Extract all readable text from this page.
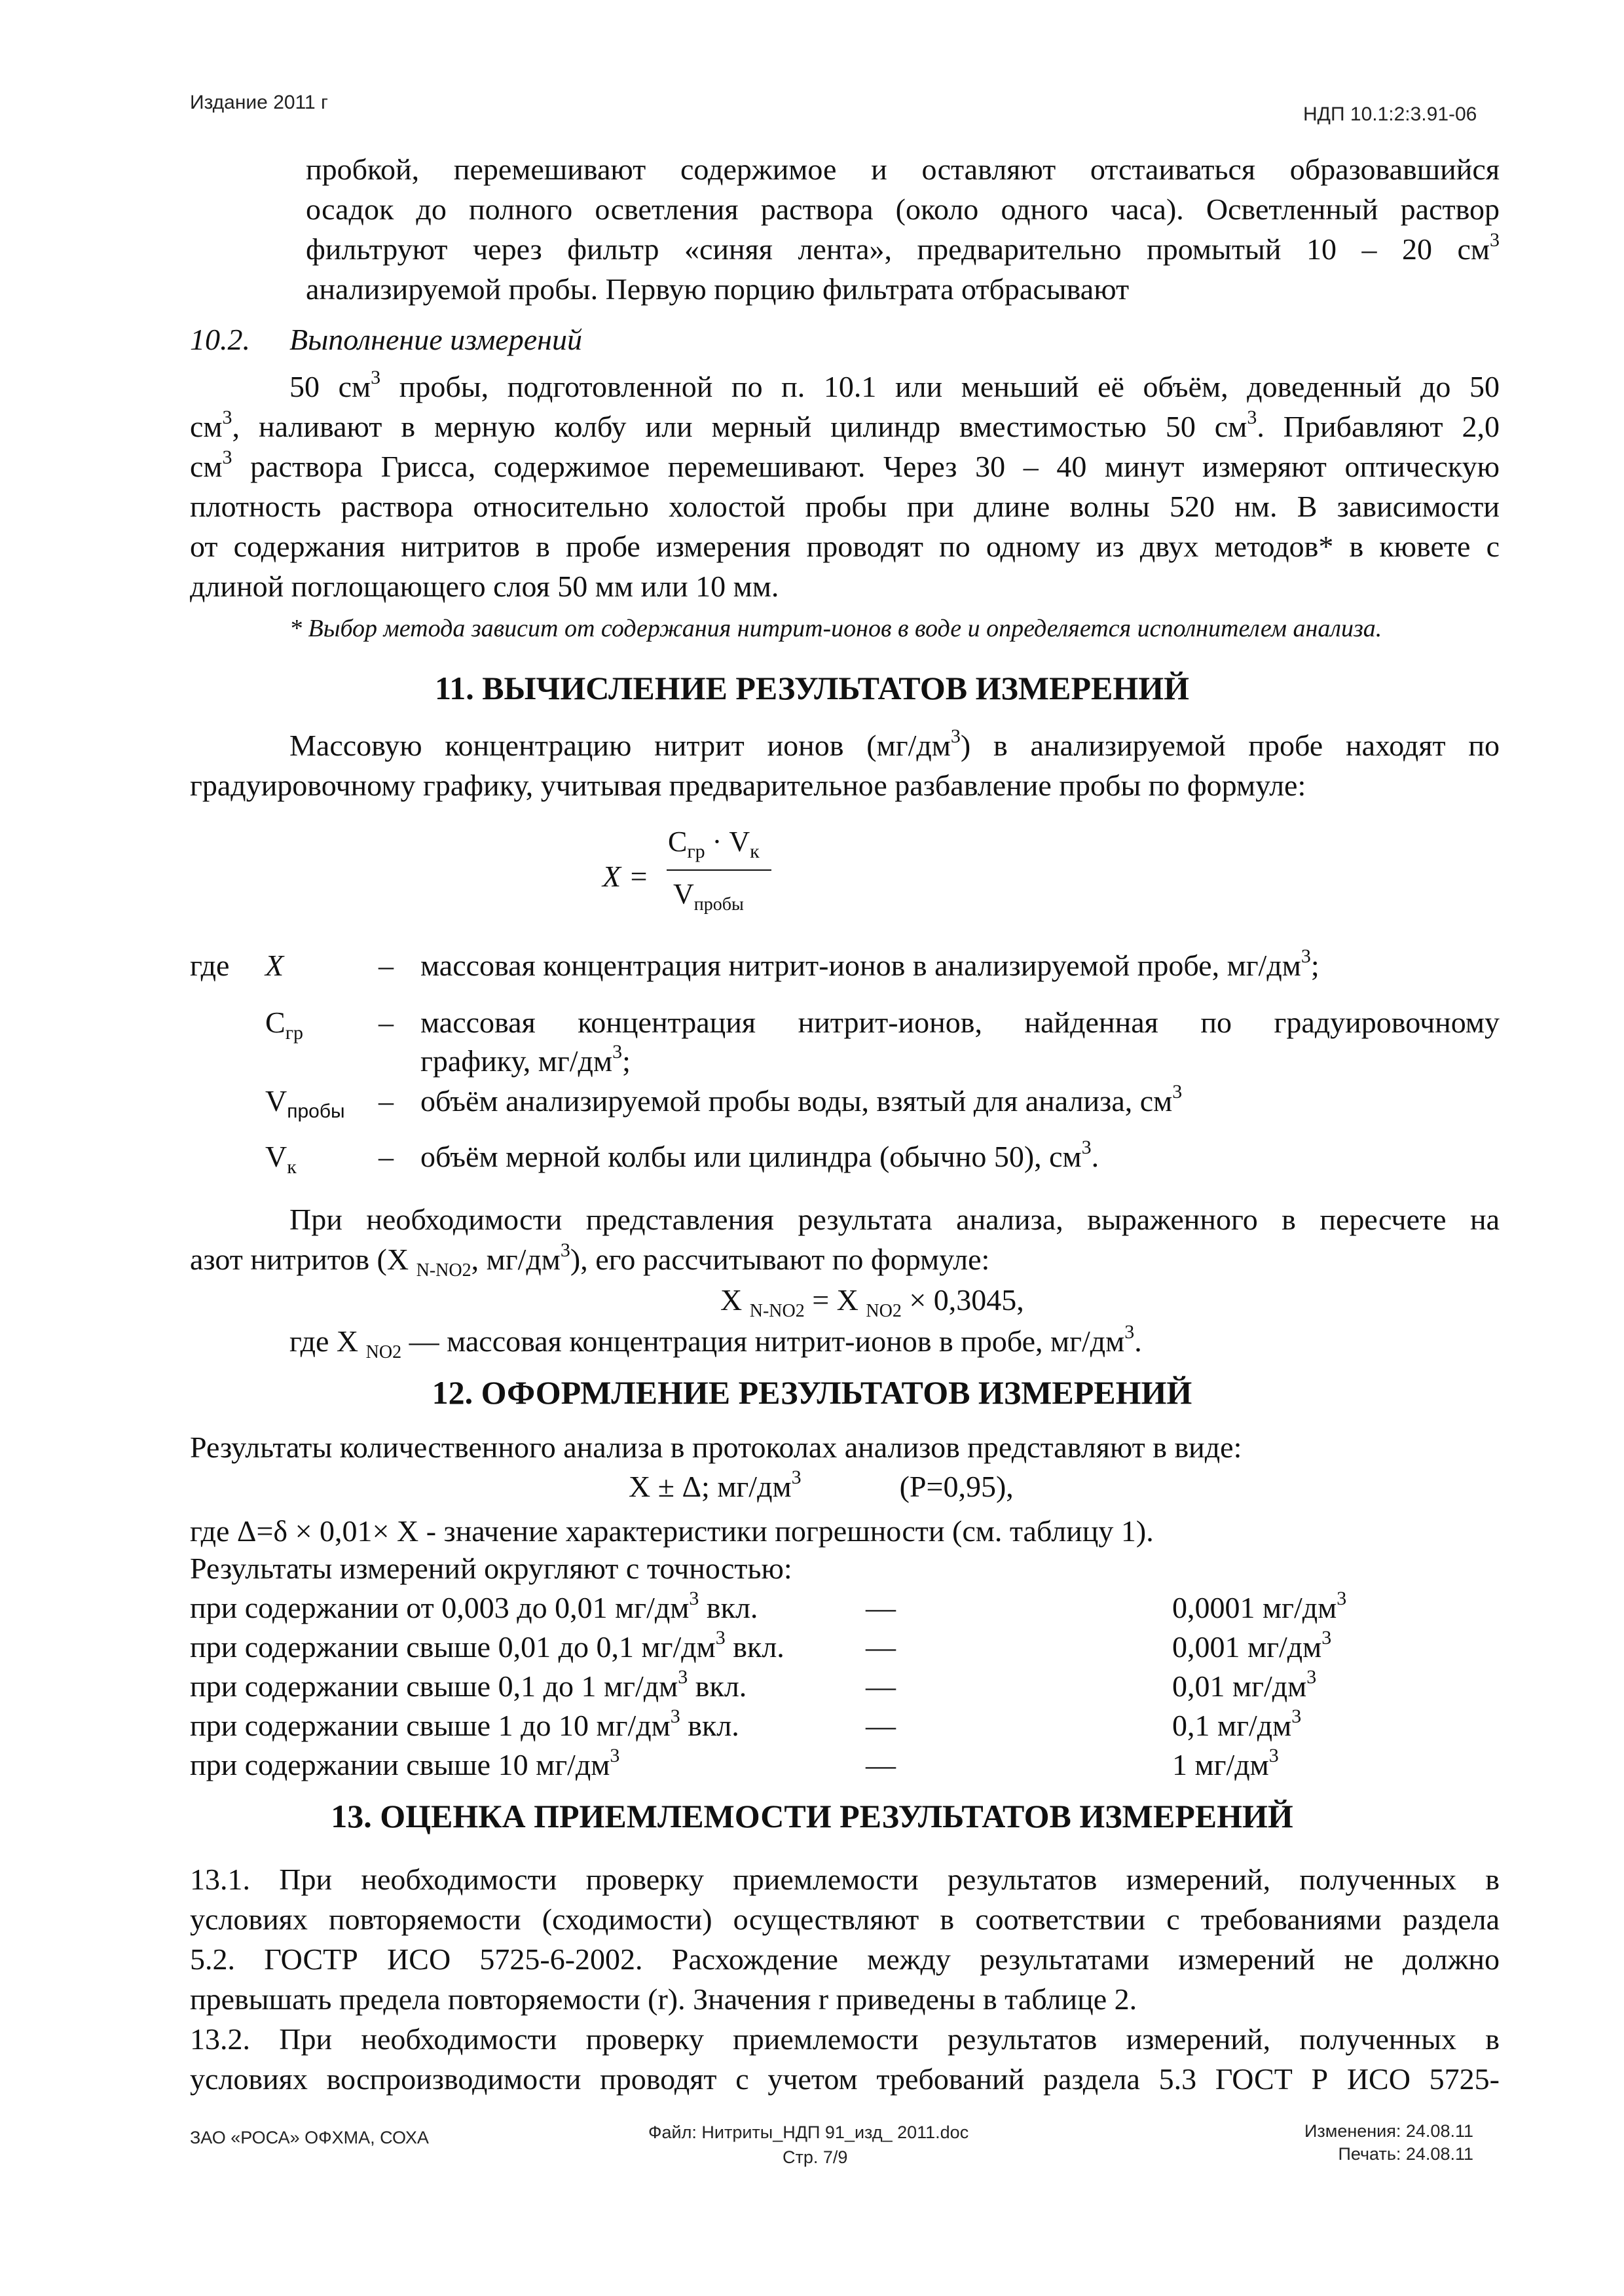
Издание 2011 г
НДП 10.1:2:3.91-06
пробкой, перемешивают содержимое и оставляют отстаиваться образовавшийся
осадок до полного осветления раствора (около одного часа). Осветленный раствор
фильтруют через фильтр «синяя лента», предварительно промытый 10 – 20 $см^3$
анализируемой пробы. Первую порцию фильтрата отбрасывают
10.2. Выполнение измерений
50 $см^3$ пробы, подготовленной по п. 10.1 или меньший её объём, доведенный до 50
$см^3$, наливают в мерную колбу или мерный цилиндр вместимостью 50 $см^3$. Прибавляют 2,0
$см^3$ раствора Грисса, содержимое перемешивают. Через 30 – 40 минут измеряют оптическую
плотность раствора относительно холостой пробы при длине волны 520 нм. В зависимости
от содержания нитритов в пробе измерения проводят по одному из двух методов* в кювете с
длиной поглощающего слоя 50 мм или 10 мм.
* Выбор метода зависит от содержания нитрит-ионов в воде и определяется исполнителем анализа.
11. ВЫЧИСЛЕНИЕ РЕЗУЛЬТАТОВ ИЗМЕРЕНИЙ
Массовую концентрацию нитрит ионов $(мг/дм^3)$ в анализируемой пробе находят по
градуировочному графику, учитывая предварительное разбавление пробы по формуле:
X =
$C_{гр} \cdot V_к$
$V_{пробы}$
где X	– массовая концентрация нитрит-ионов в анализируемой пробе, $мг/дм^3$;
$C_{гр}$	– массовая концентрация нитрит-ионов, найденная по градуировочному
графику, $мг/дм^3$;
$V_{пробы}$ – объём анализируемой пробы воды, взятый для анализа, $см^3$
$V_к$	– объём мерной колбы или цилиндра (обычно 50), $см^3$.
При необходимости представления результата анализа, выраженного в пересчете на
азот нитритов (X $_{N-NO2}$, $мг/дм^3$), его рассчитывают по формуле:
X $_{N-NO2}$ = X $_{NO2}$ × 0,3045,
где X $_{NO2}$ — массовая концентрация нитрит-ионов в пробе, $мг/дм^3$.
12. ОФОРМЛЕНИЕ РЕЗУЛЬТАТОВ ИЗМЕРЕНИЙ
Результаты количественного анализа в протоколах анализов представляют в виде:
X ± Δ; $мг/дм^3$	(P=0,95),
где Δ=δ × 0,01× X - значение характеристики погрешности (см. таблицу 1).
Результаты измерений округляют с точностью:
при содержании от 0,003 до 0,01 $мг/дм^3$ вкл.	—	0,0001 $мг/дм^3$
при содержании свыше 0,01 до 0,1 $мг/дм^3$ вкл.	—	0,001 $мг/дм^3$
при содержании свыше 0,1 до 1 $мг/дм^3$ вкл.	—	0,01 $мг/дм^3$
при содержании свыше 1 до 10 $мг/дм^3$ вкл.	—	0,1 $мг/дм^3$
при содержании свыше 10 $мг/дм^3$	—	1 $мг/дм^3$
13. ОЦЕНКА ПРИЕМЛЕМОСТИ РЕЗУЛЬТАТОВ ИЗМЕРЕНИЙ
13.1. При необходимости проверку приемлемости результатов измерений, полученных в
условиях повторяемости (сходимости) осуществляют в соответствии с требованиями раздела
5.2. ГОСТР ИСО 5725-6-2002. Расхождение между результатами измерений не должно
превышать предела повторяемости (r). Значения r приведены в таблице 2.
13.2. При необходимости проверку приемлемости результатов измерений, полученных в
условиях воспроизводимости проводят с учетом требований раздела 5.3 ГОСТ Р ИСО 5725-
ЗАО «РОСА» ОФХМА, СОХА	Файл: Нитриты_НДП 91_изд_ 2011.doc
Стр. 7/9
Изменения: 24.08.11
Печать: 24.08.11
